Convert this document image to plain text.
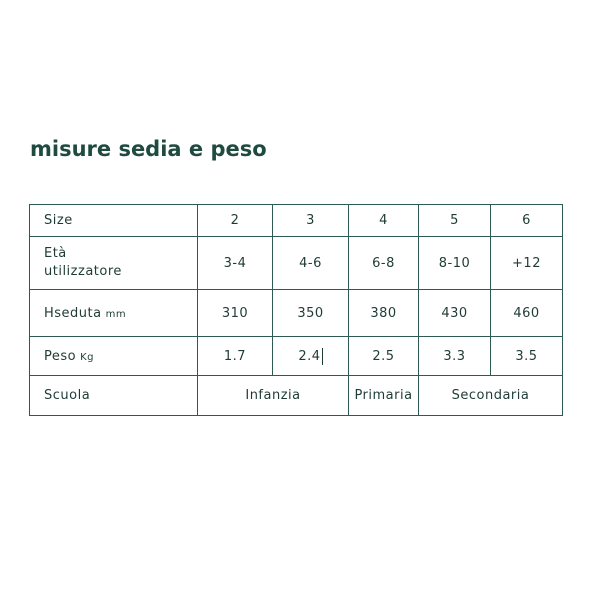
misure sedia e peso
Size	2	3	4	5	6

Età
utilizzatore	3-4	4-6	6-8	8-10	+12
Hseduta mm	310	350	380	430	460
Peso Kg	1.7	2.4	2.5	3.3	3.5
Scuola	Infanzia		Primaria	Secondaria	
